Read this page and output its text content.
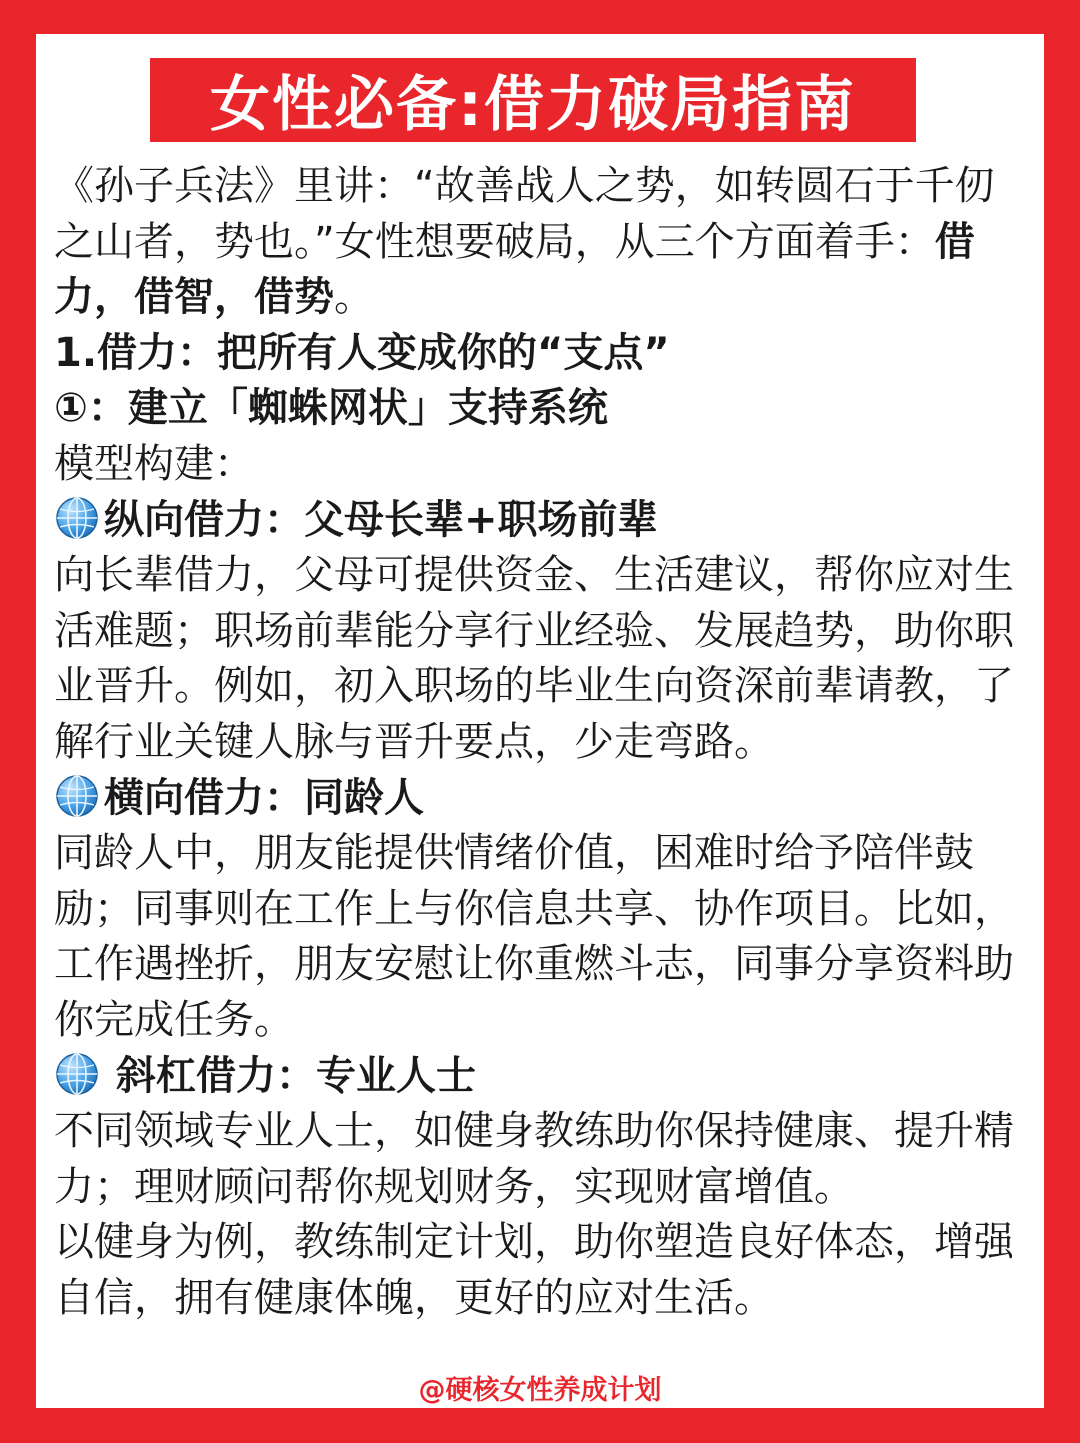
女性必备:借力破局指南

《孙子兵法》里讲：“故善战人之势，如转圆石于千仞之山者，势也。”女性想要破局，从三个方面着手：借力，借智，借势。

1.借力：把所有人变成你的“支点”

①：建立「蜘蛛网状」支持系统

模型构建：

纵向借力：父母长辈+职场前辈

向长辈借力，父母可提供资金、生活建议，帮你应对生活难题；职场前辈能分享行业经验、发展趋势，助你职业晋升。例如，初入职场的毕业生向资深前辈请教，了解行业关键人脉与晋升要点，少走弯路。

横向借力：同龄人

同龄人中，朋友能提供情绪价值，困难时给予陪伴鼓励；同事则在工作上与你信息共享、协作项目。比如，工作遇挫折，朋友安慰让你重燃斗志，同事分享资料助你完成任务。

斜杠借力：专业人士

不同领域专业人士，如健身教练助你保持健康、提升精力；理财顾问帮你规划财务，实现财富增值。

以健身为例，教练制定计划，助你塑造良好体态，增强自信，拥有健康体魄，更好的应对生活。

@硬核女性养成计划
